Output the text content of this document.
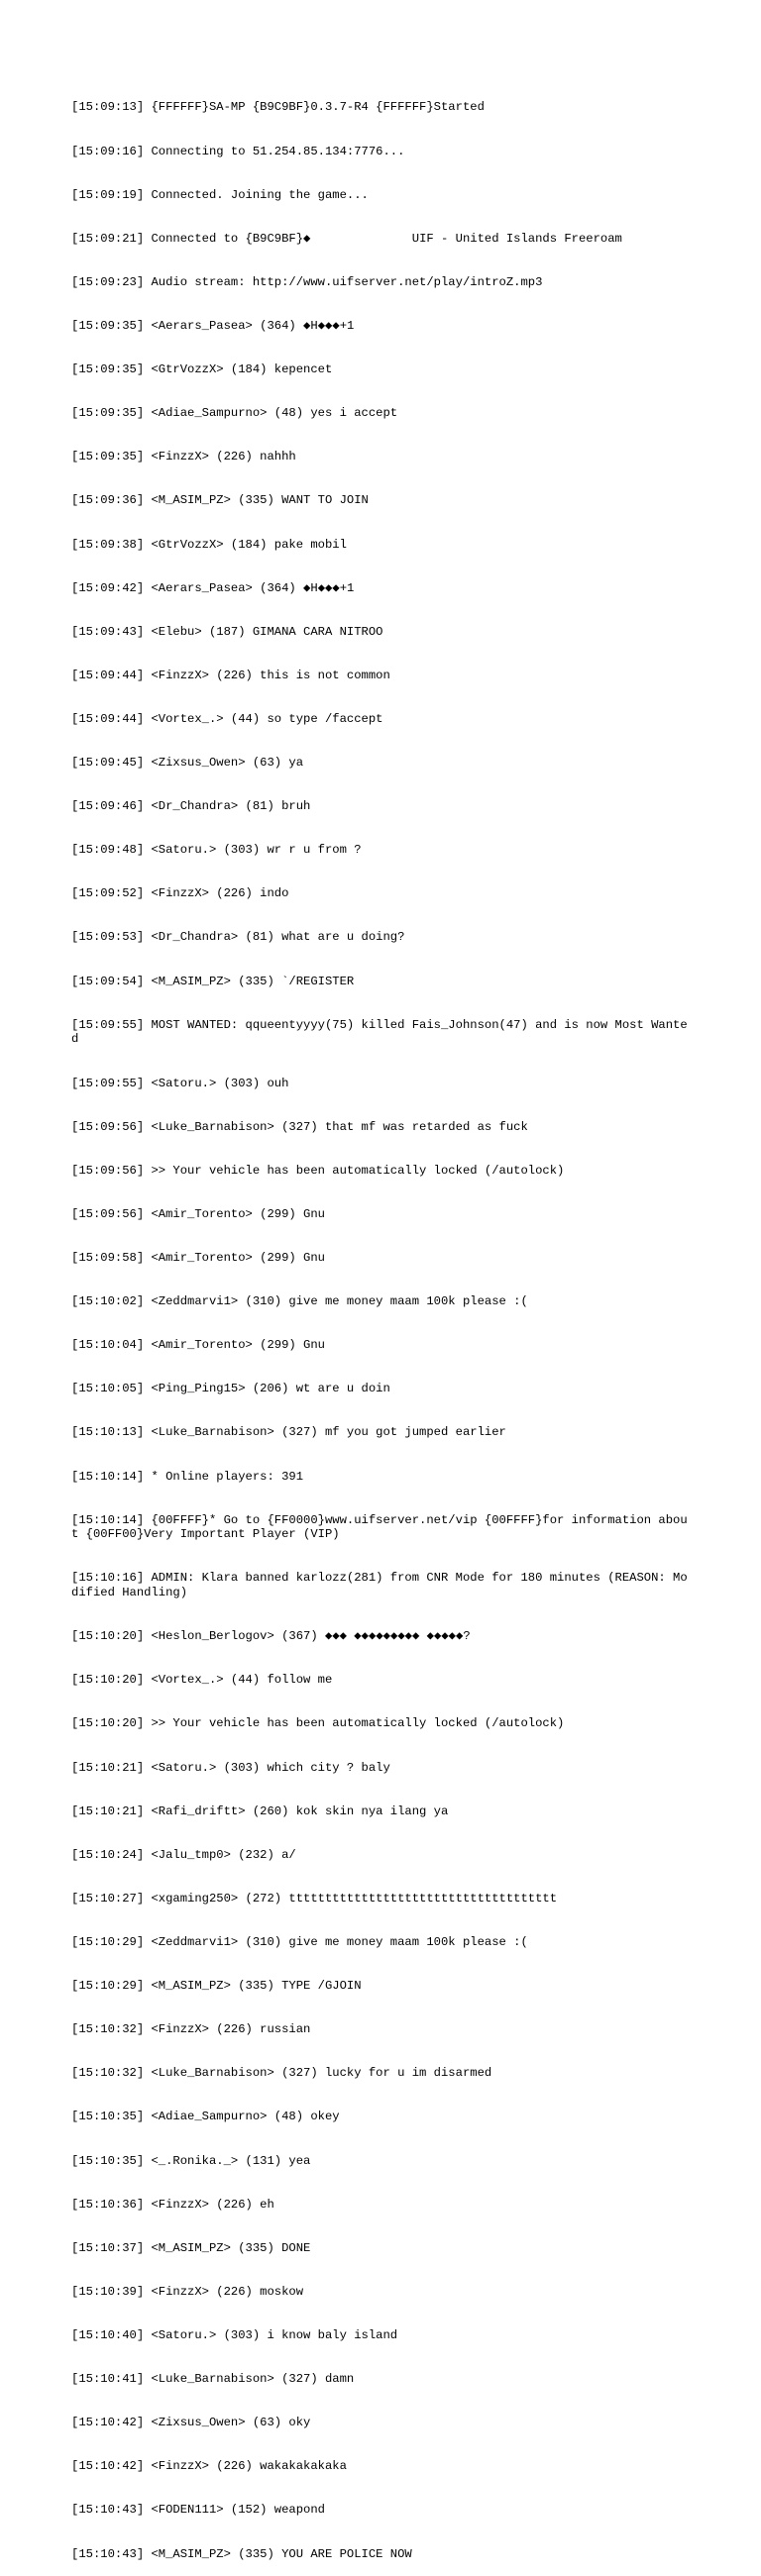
[15:09:13] {FFFFFF}SA-MP {B9C9BF}0.3.7-R4 {FFFFFF}Started

[15:09:16] Connecting to 51.254.85.134:7776...

[15:09:19] Connected. Joining the game...

[15:09:21] Connected to {B9C9BF}◆              UIF - United Islands Freeroam

[15:09:23] Audio stream: http://www.uifserver.net/play/introZ.mp3

[15:09:35] <Aerars_Pasea> (364) ◆H◆◆◆+1

[15:09:35] <GtrVozzX> (184) kepencet

[15:09:35] <Adiae_Sampurno> (48) yes i accept

[15:09:35] <FinzzX> (226) nahhh

[15:09:36] <M_ASIM_PZ> (335) WANT TO JOIN

[15:09:38] <GtrVozzX> (184) pake mobil

[15:09:42] <Aerars_Pasea> (364) ◆H◆◆◆+1

[15:09:43] <Elebu> (187) GIMANA CARA NITROO

[15:09:44] <FinzzX> (226) this is not common

[15:09:44] <Vortex_.> (44) so type /faccept

[15:09:45] <Zixsus_Owen> (63) ya

[15:09:46] <Dr_Chandra> (81) bruh

[15:09:48] <Satoru.> (303) wr r u from ?

[15:09:52] <FinzzX> (226) indo

[15:09:53] <Dr_Chandra> (81) what are u doing?

[15:09:54] <M_ASIM_PZ> (335) `/REGISTER

[15:09:55] MOST WANTED: qqueentyyyy(75) killed Fais_Johnson(47) and is now Most Wanted

[15:09:55] <Satoru.> (303) ouh

[15:09:56] <Luke_Barnabison> (327) that mf was retarded as fuck

[15:09:56] >> Your vehicle has been automatically locked (/autolock)

[15:09:56] <Amir_Torento> (299) Gnu

[15:09:58] <Amir_Torento> (299) Gnu

[15:10:02] <Zeddmarvi1> (310) give me money maam 100k please :(

[15:10:04] <Amir_Torento> (299) Gnu

[15:10:05] <Ping_Ping15> (206) wt are u doin

[15:10:13] <Luke_Barnabison> (327) mf you got jumped earlier

[15:10:14] * Online players: 391

[15:10:14] {00FFFF}* Go to {FF0000}www.uifserver.net/vip {00FFFF}for information about {00FF00}Very Important Player (VIP)

[15:10:16] ADMIN: Klara banned karlozz(281) from CNR Mode for 180 minutes (REASON: Modified Handling)

[15:10:20] <Heslon_Berlogov> (367) ◆◆◆ ◆◆◆◆◆◆◆◆◆ ◆◆◆◆◆?

[15:10:20] <Vortex_.> (44) follow me

[15:10:20] >> Your vehicle has been automatically locked (/autolock)

[15:10:21] <Satoru.> (303) which city ? baly

[15:10:21] <Rafi_driftt> (260) kok skin nya ilang ya

[15:10:24] <Jalu_tmp0> (232) a/

[15:10:27] <xgaming250> (272) ttttttttttttttttttttttttttttttttttttt

[15:10:29] <Zeddmarvi1> (310) give me money maam 100k please :(

[15:10:29] <M_ASIM_PZ> (335) TYPE /GJOIN

[15:10:32] <FinzzX> (226) russian

[15:10:32] <Luke_Barnabison> (327) lucky for u im disarmed

[15:10:35] <Adiae_Sampurno> (48) okey

[15:10:35] <_.Ronika._> (131) yea

[15:10:36] <FinzzX> (226) eh

[15:10:37] <M_ASIM_PZ> (335) DONE

[15:10:39] <FinzzX> (226) moskow

[15:10:40] <Satoru.> (303) i know baly island

[15:10:41] <Luke_Barnabison> (327) damn

[15:10:42] <Zixsus_Owen> (63) oky

[15:10:42] <FinzzX> (226) wakakakakaka

[15:10:43] <FODEN111> (152) weapond

[15:10:43] <M_ASIM_PZ> (335) YOU ARE POLICE NOW
